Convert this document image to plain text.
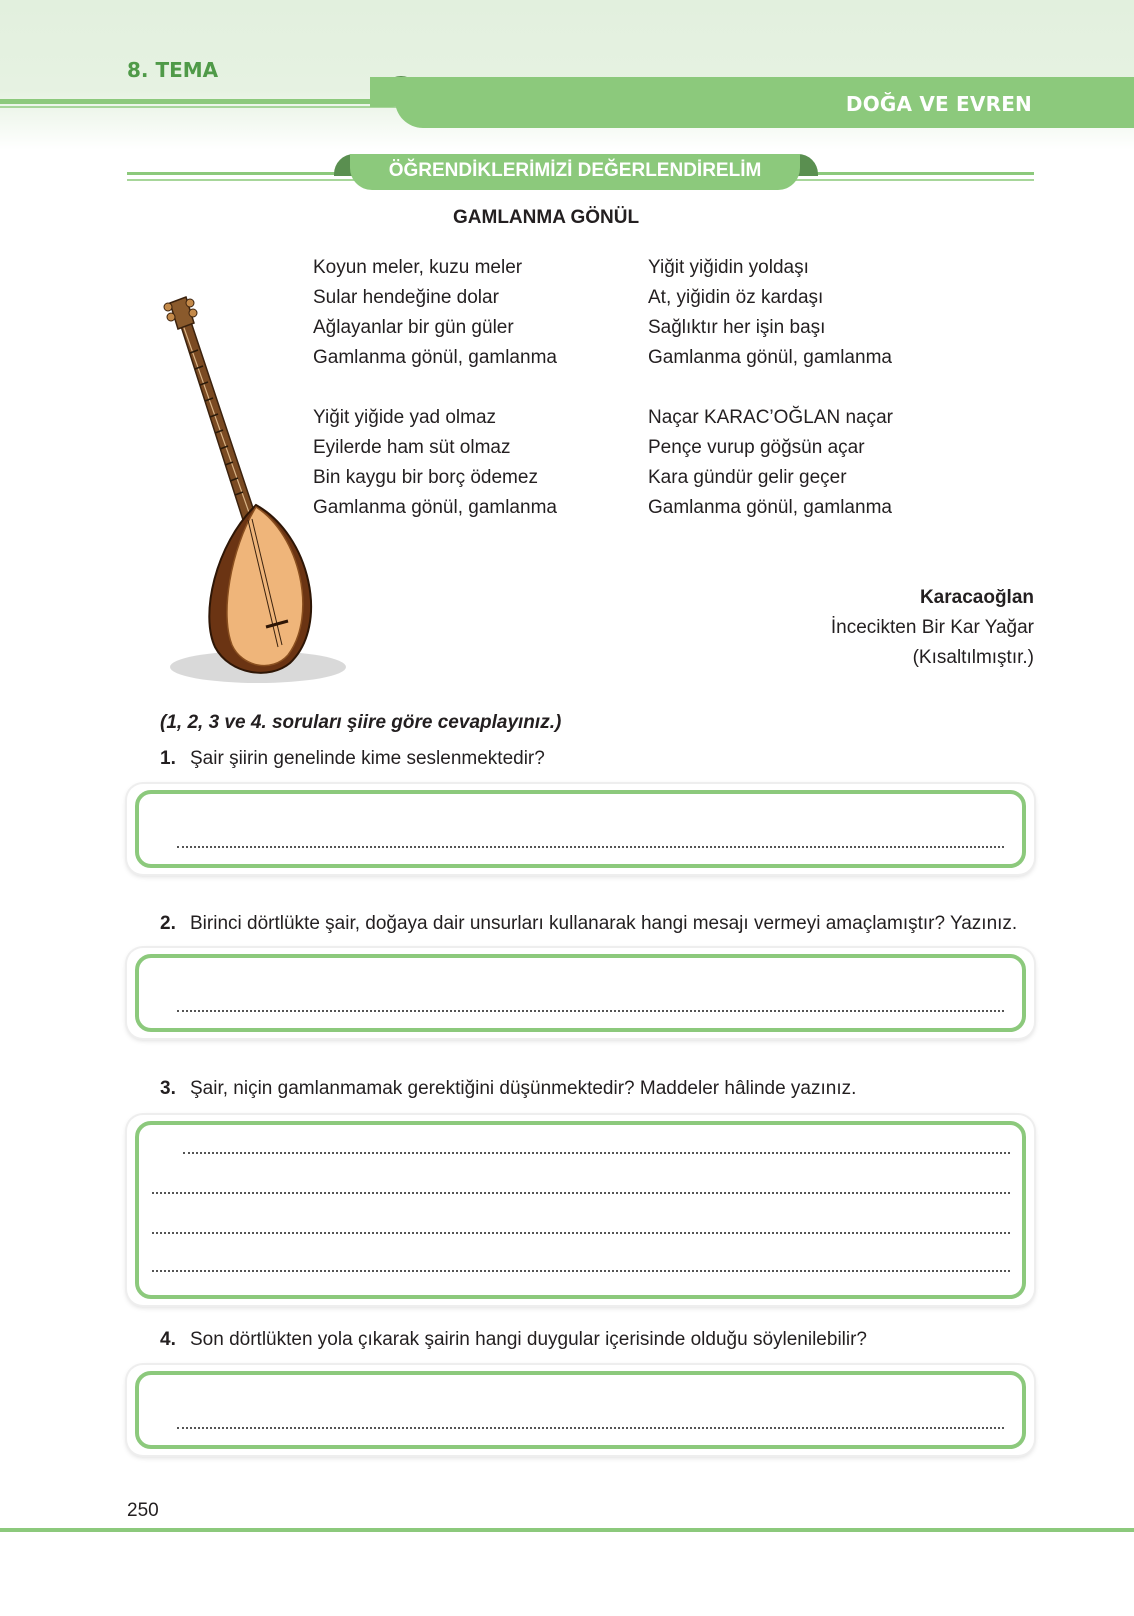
8. TEMA
DOĞA VE EVREN
ÖĞRENDİKLERİMİZİ DEĞERLENDİRELİM
GAMLANMA GÖNÜL
Koyun meler, kuzu meler
Sular hendeğine dolar
Ağlayanlar bir gün güler
Gamlanma gönül, gamlanma
Yiğit yiğidin yoldaşı
At, yiğidin öz kardaşı
Sağlıktır her işin başı
Gamlanma gönül, gamlanma
Yiğit yiğide yad olmaz
Eyilerde ham süt olmaz
Bin kaygu bir borç ödemez
Gamlanma gönül, gamlanma
Naçar KARAC’OĞLAN naçar
Pençe vurup göğsün açar
Kara gündür gelir geçer
Gamlanma gönül, gamlanma
Karacaoğlan
İncecikten Bir Kar Yağar
(Kısaltılmıştır.)
(1, 2, 3 ve 4. soruları şiire göre cevaplayınız.)
1. Şair şiirin genelinde kime seslenmektedir?
2. Birinci dörtlükte şair, doğaya dair unsurları kullanarak hangi mesajı vermeyi amaçlamıştır? Yazınız.
3. Şair, niçin gamlanmamak gerektiğini düşünmektedir? Maddeler hâlinde yazınız.
4. Son dörtlükten yola çıkarak şairin hangi duygular içerisinde olduğu söylenilebilir?
250
